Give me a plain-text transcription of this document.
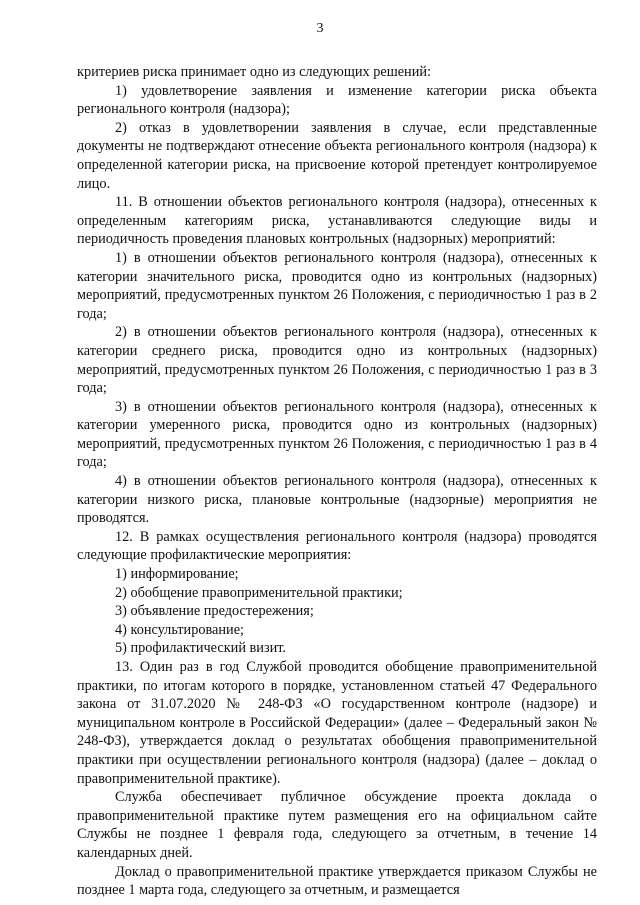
3

критериев риска принимает одно из следующих решений:

1) удовлетворение заявления и изменение категории риска объекта регионального контроля (надзора);

2) отказ в удовлетворении заявления в случае, если представленные документы не подтверждают отнесение объекта регионального контроля (надзора) к определенной категории риска, на присвоение которой претендует контролируемое лицо.

11. В отношении объектов регионального контроля (надзора), отнесенных к определенным категориям риска, устанавливаются следующие виды и периодичность проведения плановых контрольных (надзорных) мероприятий:

1) в отношении объектов регионального контроля (надзора), отнесенных к категории значительного риска, проводится одно из контрольных (надзорных) мероприятий, предусмотренных пунктом 26 Положения, с периодичностью 1 раз в 2 года;

2) в отношении объектов регионального контроля (надзора), отнесенных к категории среднего риска, проводится одно из контрольных (надзорных) мероприятий, предусмотренных пунктом 26 Положения, с периодичностью 1 раз в 3 года;

3) в отношении объектов регионального контроля (надзора), отнесенных к категории умеренного риска, проводится одно из контрольных (надзорных) мероприятий, предусмотренных пунктом 26 Положения, с периодичностью 1 раз в 4 года;

4) в отношении объектов регионального контроля (надзора), отнесенных к категории низкого риска, плановые контрольные (надзорные) мероприятия не проводятся.

12. В рамках осуществления регионального контроля (надзора) проводятся следующие профилактические мероприятия:

1) информирование;

2) обобщение правоприменительной практики;

3) объявление предостережения;

4) консультирование;

5) профилактический визит.

13. Один раз в год Службой проводится обобщение правоприменительной практики, по итогам которого в порядке, установленном статьей 47 Федерального закона от 31.07.2020 № 248-ФЗ «О государственном контроле (надзоре) и муниципальном контроле в Российской Федерации» (далее – Федеральный закон № 248-ФЗ), утверждается доклад о результатах обобщения правоприменительной практики при осуществлении регионального контроля (надзора) (далее – доклад о правоприменительной практике).

Служба обеспечивает публичное обсуждение проекта доклада о правоприменительной практике путем размещения его на официальном сайте Службы не позднее 1 февраля года, следующего за отчетным, в течение 14 календарных дней.

Доклад о правоприменительной практике утверждается приказом Службы не позднее 1 марта года, следующего за отчетным, и размещается
